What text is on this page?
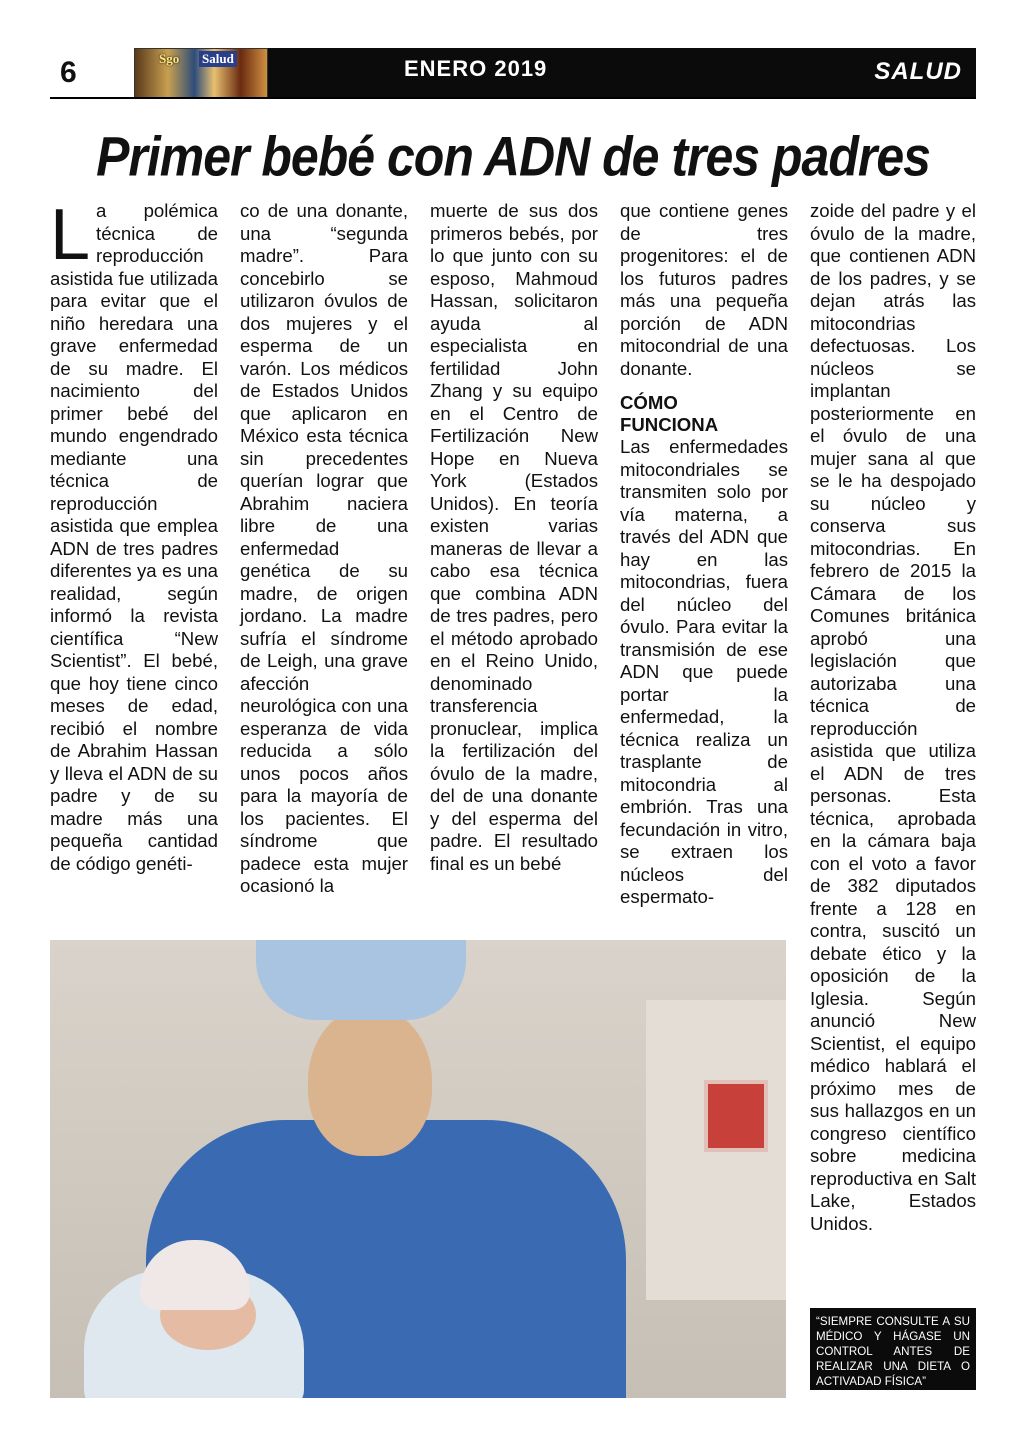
6	Sgo Salud	ENERO 2019	SALUD
Primer bebé con ADN de tres padres
L a polémica técnica de reproducción asistida fue utilizada para evitar que el niño heredara una grave enfermedad de su madre. El nacimiento del primer bebé del mundo engendrado mediante una técnica de reproducción asistida que emplea ADN de tres padres diferentes ya es una realidad, según informó la revista científica “New Scientist”. El bebé, que hoy tiene cinco meses de edad, recibió el nombre de Abrahim Hassan y lleva el ADN de su padre y de su madre más una pequeña cantidad de código genéti-

co de una donante, una “segunda madre”. Para concebirlo se utilizaron óvulos de dos mujeres y el esperma de un varón. Los médicos de Estados Unidos que aplicaron en México esta técnica sin precedentes querían lograr que Abrahim naciera libre de una enfermedad genética de su madre, de origen jordano. La madre sufría el síndrome de Leigh, una grave afección neurológica con una esperanza de vida reducida a sólo unos pocos años para la mayoría de los pacientes. El síndrome que padece esta mujer ocasionó la

muerte de sus dos primeros bebés, por lo que junto con su esposo, Mahmoud Hassan, solicitaron ayuda al especialista en fertilidad John Zhang y su equipo en el Centro de Fertilización New Hope en Nueva York (Estados Unidos). En teoría existen varias maneras de llevar a cabo esa técnica que combina ADN de tres padres, pero el método aprobado en el Reino Unido, denominado transferencia pronuclear, implica la fertilización del óvulo de la madre, del de una donante y del esperma del padre. El resultado final es un bebé

que contiene genes de tres progenitores: el de los futuros padres más una pequeña porción de ADN mitocondrial de una donante.

CÓMO
FUNCIONA

Las enfermedades mitocondriales se transmiten solo por vía materna, a través del ADN que hay en las mitocondrias, fuera del núcleo del óvulo. Para evitar la transmisión de ese ADN que puede portar la enfermedad, la técnica realiza un trasplante de mitocondria al embrión. Tras una fecundación in vitro, se extraen los núcleos del espermato-

zoide del padre y el óvulo de la madre, que contienen ADN de los padres, y se dejan atrás las mitocondrias defectuosas. Los núcleos se implantan posteriormente en el óvulo de una mujer sana al que se le ha despojado su núcleo y conserva sus mitocondrias. En febrero de 2015 la Cámara de los Comunes británica aprobó una legislación que autorizaba una técnica de reproducción asistida que utiliza el ADN de tres personas. Esta técnica, aprobada en la cámara baja con el voto a favor de 382 diputados frente a 128 en contra, suscitó un debate ético y la oposición de la Iglesia. Según anunció New Scientist, el equipo médico hablará el próximo mes de sus hallazgos en un congreso científico sobre medicina reproductiva en Salt Lake, Estados Unidos.

“SIEMPRE CONSULTE A SU MÉDICO Y HÁGASE UN CONTROL ANTES DE REALIZAR UNA DIETA O ACTIVADAD FÍSICA”
